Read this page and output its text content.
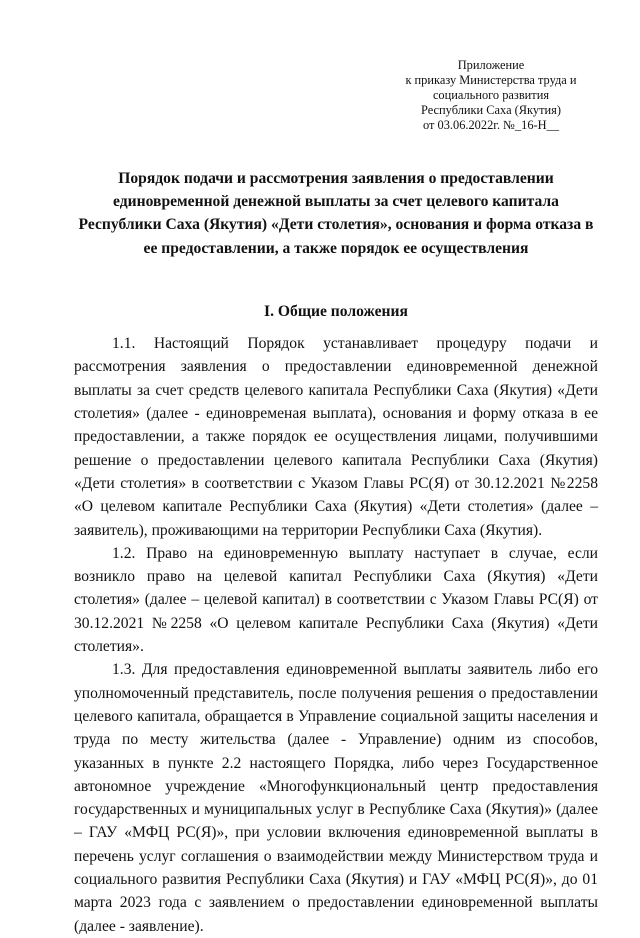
Приложение
к приказу Министерства труда и
социального развития
Республики Саха (Якутия)
от 03.06.2022г. №_16-Н__
Порядок подачи и рассмотрения заявления о предоставлении единовременной денежной выплаты за счет целевого капитала Республики Саха (Якутия) «Дети столетия», основания и форма отказа в ее предоставлении, а также порядок ее осуществления
I. Общие положения

1.1. Настоящий Порядок устанавливает процедуру подачи и рассмотрения заявления о предоставлении единовременной денежной выплаты за счет средств целевого капитала Республики Саха (Якутия) «Дети столетия» (далее - единовременая выплата), основания и форму отказа в ее предоставлении, а также порядок ее осуществления лицами, получившими решение о предоставлении целевого капитала Республики Саха (Якутия) «Дети столетия» в соответствии с Указом Главы РС(Я) от 30.12.2021 №2258 «О целевом капитале Республики Саха (Якутия) «Дети столетия» (далее – заявитель), проживающими на территории Республики Саха (Якутия).

1.2. Право на единовременную выплату наступает в случае, если возникло право на целевой капитал Республики Саха (Якутия) «Дети столетия» (далее – целевой капитал) в соответствии с Указом Главы РС(Я) от 30.12.2021 №2258 «О целевом капитале Республики Саха (Якутия) «Дети столетия».

1.3. Для предоставления единовременной выплаты заявитель либо его уполномоченный представитель, после получения решения о предоставлении целевого капитала, обращается в Управление социальной защиты населения и труда по месту жительства (далее - Управление) одним из способов, указанных в пункте 2.2 настоящего Порядка, либо через Государственное автономное учреждение «Многофункциональный центр предоставления государственных и муниципальных услуг в Республике Саха (Якутия)» (далее – ГАУ «МФЦ РС(Я)», при условии включения единовременной выплаты в перечень услуг соглашения о взаимодействии между Министерством труда и социального развития Республики Саха (Якутия) и ГАУ «МФЦ РС(Я)», до 01 марта 2023 года с заявлением о предоставлении единовременной выплаты (далее - заявление).
